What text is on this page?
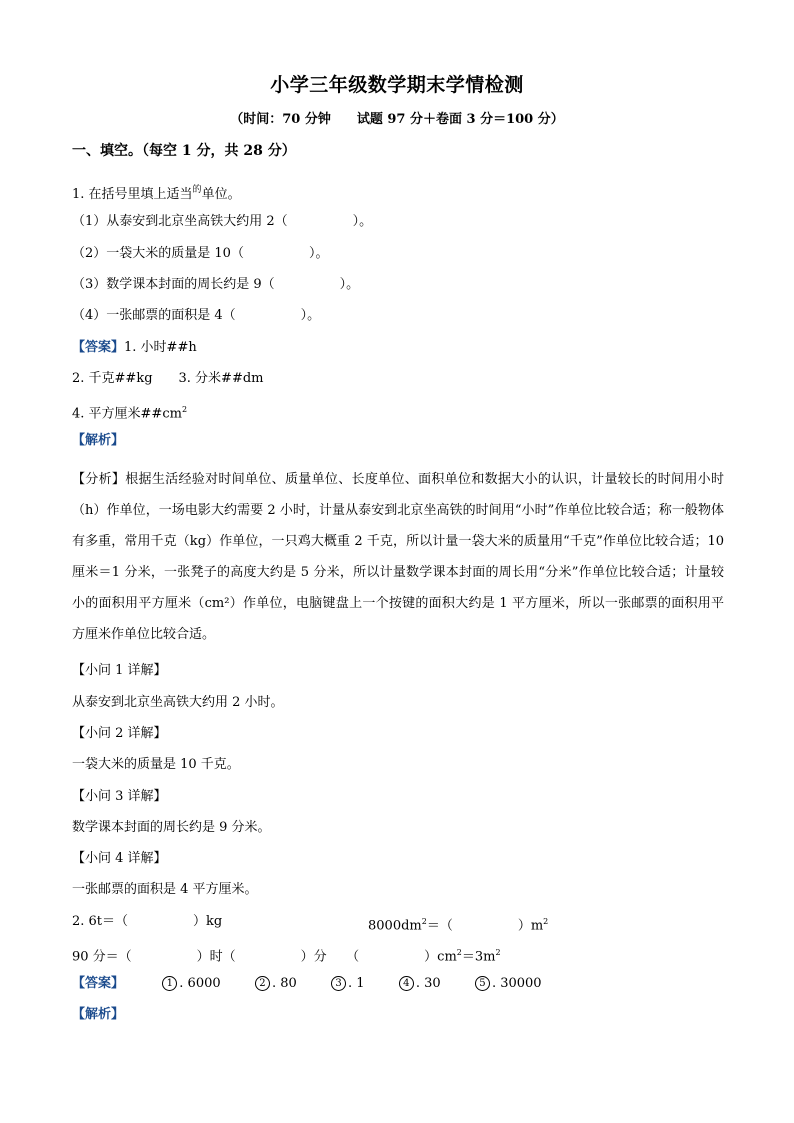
小学三年级数学期末学情检测
（时间：70 分钟　　试题 97 分＋卷面 3 分＝100 分）
一、填空。（每空 1 分，共 28 分）
1. 在括号里填上适当$^的$单位。
（1）从泰安到北京坐高铁大约用 2（　　　　　）。
（2）一袋大米的质量是 10（　　　　　）。
（3）数学课本封面的周长约是 9（　　　　　）。
（4）一张邮票的面积是 4（　　　　　）。
【答案】1. 小时##h
2. 千克##kg　　3. 分米##dm
4. 平方厘米$\#\#cm^2$
【解析】
【分析】根据生活经验对时间单位、质量单位、长度单位、面积单位和数据大小的认识，计量较长的时间用小时（h）作单位，一场电影大约需要 2 小时，计量从泰安到北京坐高铁的时间用“小时”作单位比较合适；称一般物体有多重，常用千克（kg）作单位，一只鸡大概重 2 千克，所以计量一袋大米的质量用“千克”作单位比较合适；10 厘米＝1 分米，一张凳子的高度大约是 5 分米，所以计量数学课本封面的周长用“分米”作单位比较合适；计量较小的面积用平方厘米（cm²）作单位，电脑键盘上一个按键的面积大约是 1 平方厘米，所以一张邮票的面积用平方厘米作单位比较合适。
【小问 1 详解】
从泰安到北京坐高铁大约用 2 小时。
【小问 2 详解】
一袋大米的质量是 10 千克。
【小问 3 详解】
数学课本封面的周长约是 9 分米。
【小问 4 详解】
一张邮票的面积是 4 平方厘米。
2. 6t＝（　　　　　）kg	$8000dm^2=$（　　　　　）$m^2$
90 分＝（　　　　　）时（　　　　　）分　　（　　　　　）$cm^2=3m^2$
【答案】	1 . 6000	2 . 80	3 . 1	4 . 30	5 . 30000
【解析】
